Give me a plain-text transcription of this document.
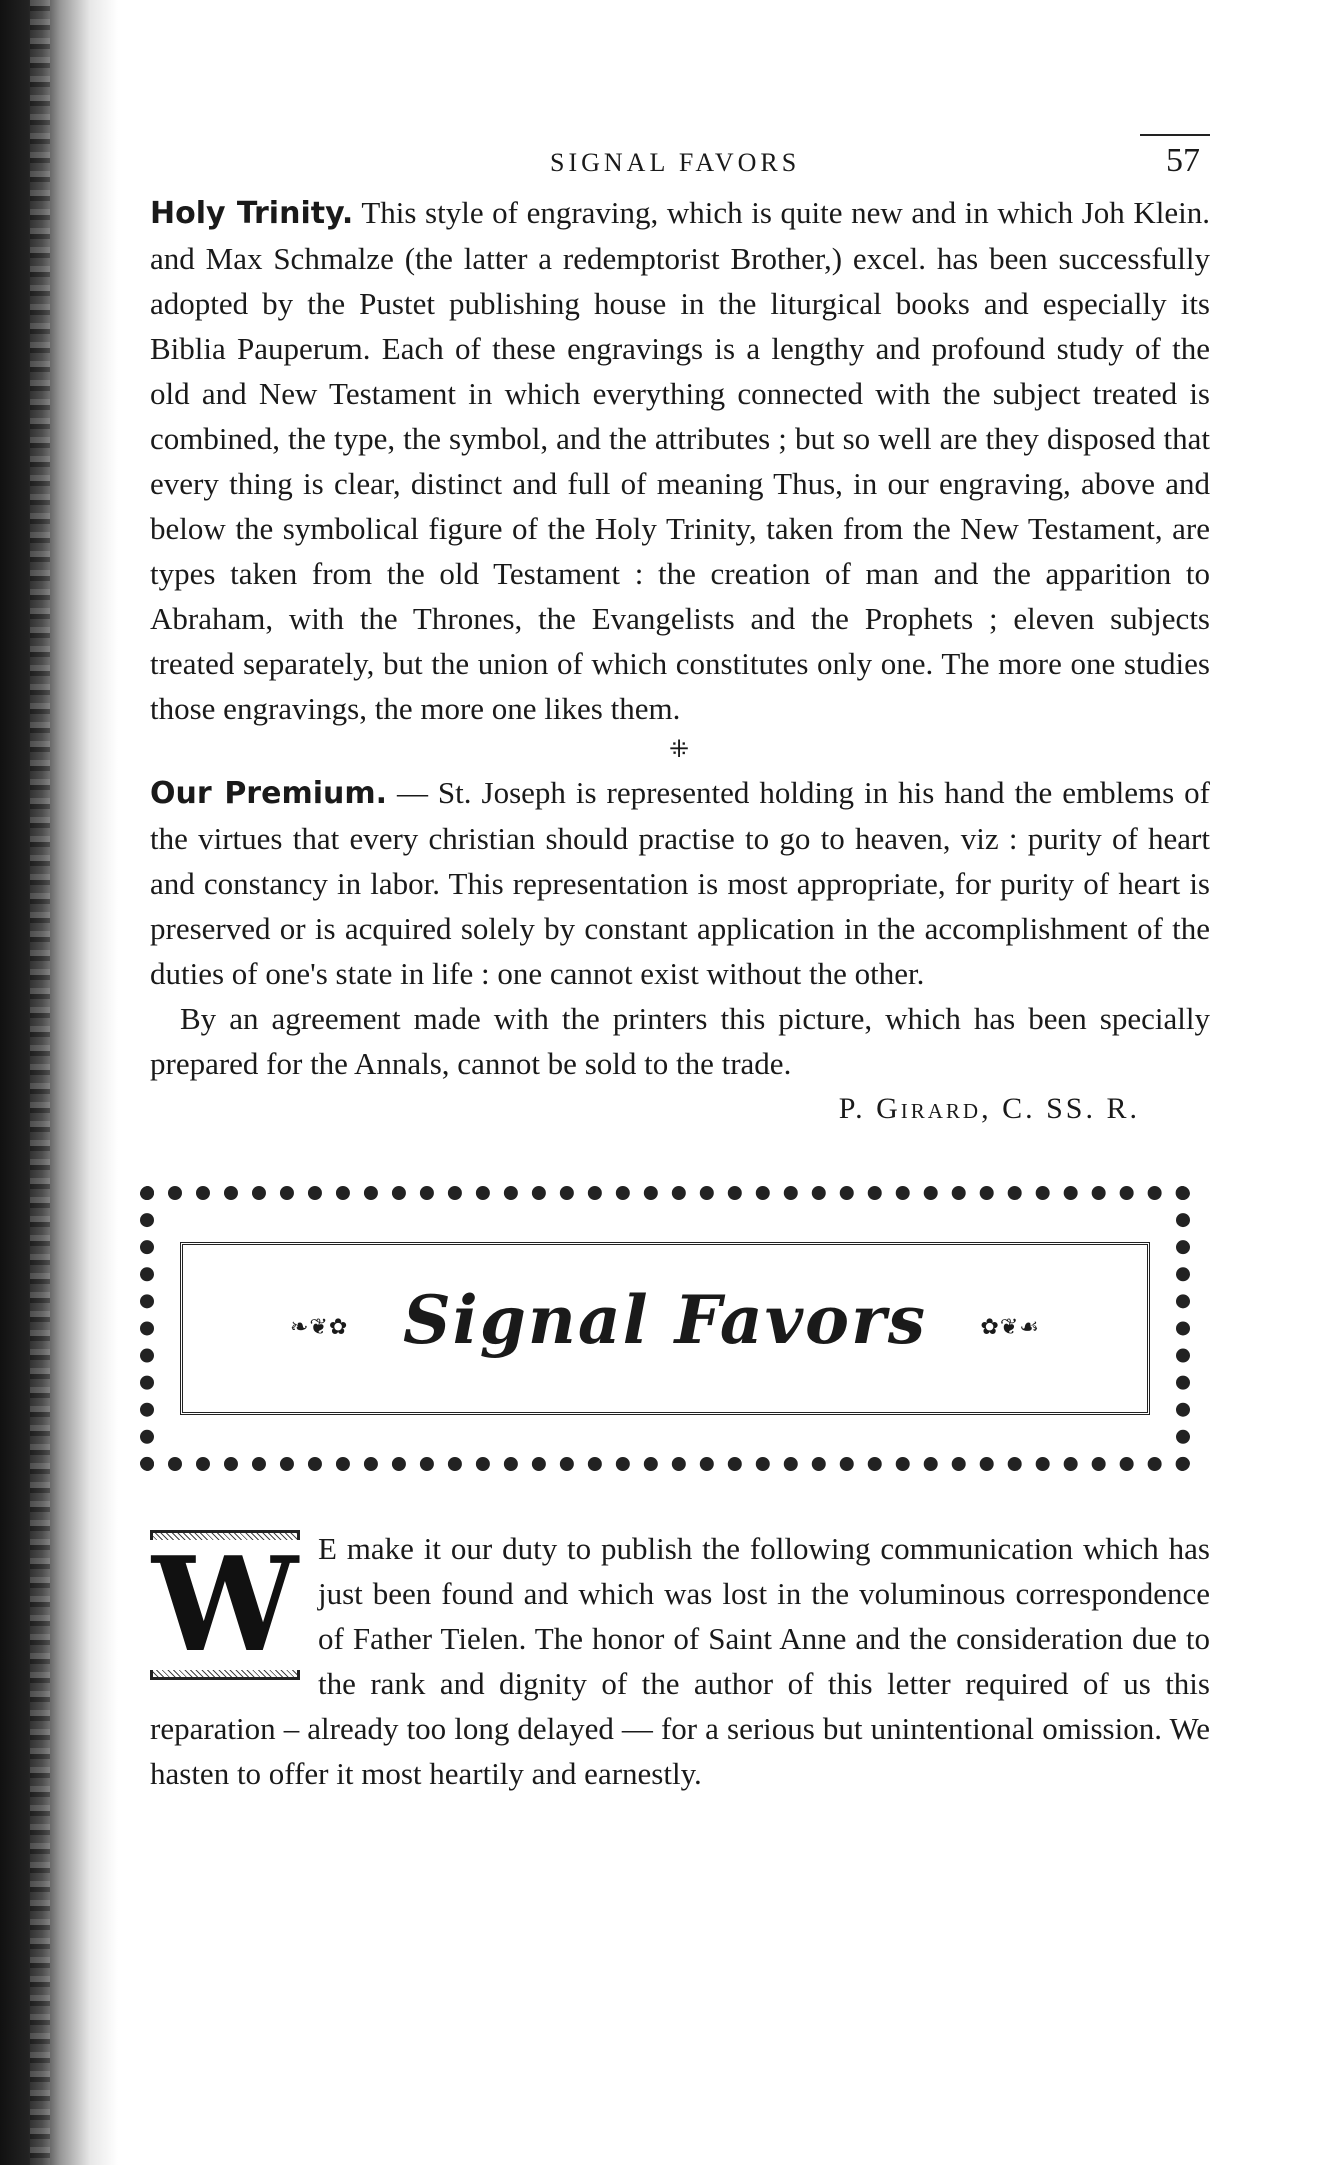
SIGNAL FAVORS	57

Holy Trinity. This style of engraving, which is quite new and in which Joh Klein. and Max Schmalze (the latter a redemptorist Brother,) excel. has been successfully adopted by the Pustet publishing house in the liturgical books and especially its Biblia Pauperum. Each of these engravings is a lengthy and profound study of the old and New Testament in which everything connected with the subject treated is combined, the type, the symbol, and the attributes ; but so well are they disposed that every thing is clear, distinct and full of meaning Thus, in our engraving, above and below the symbolical figure of the Holy Trinity, taken from the New Testament, are types taken from the old Testament : the creation of man and the apparition to Abraham, with the Thrones, the Evangelists and the Prophets ; eleven subjects treated separately, but the union of which constitutes only one. The more one studies those engravings, the more one likes them.

⁜

Our Premium. — St. Joseph is represented holding in his hand the emblems of the virtues that every christian should practise to go to heaven, viz : purity of heart and constancy in labor. This representation is most appropriate, for purity of heart is preserved or is acquired solely by constant application in the accomplishment of the duties of one's state in life : one cannot exist without the other.

By an agreement made with the printers this picture, which has been specially prepared for the Annals, cannot be sold to the trade.

P. Girard, C. SS. R.
❧❦✿ Signal Favors	✿❦☙
W E make it our duty to publish the following communication which has just been found and which was lost in the voluminous correspondence of Father Tielen. The honor of Saint Anne and the consideration due to the rank and dignity of the author of this letter required of us this reparation – already too long delayed — for a serious but unintentional omission. We hasten to offer it most heartily and earnestly.
